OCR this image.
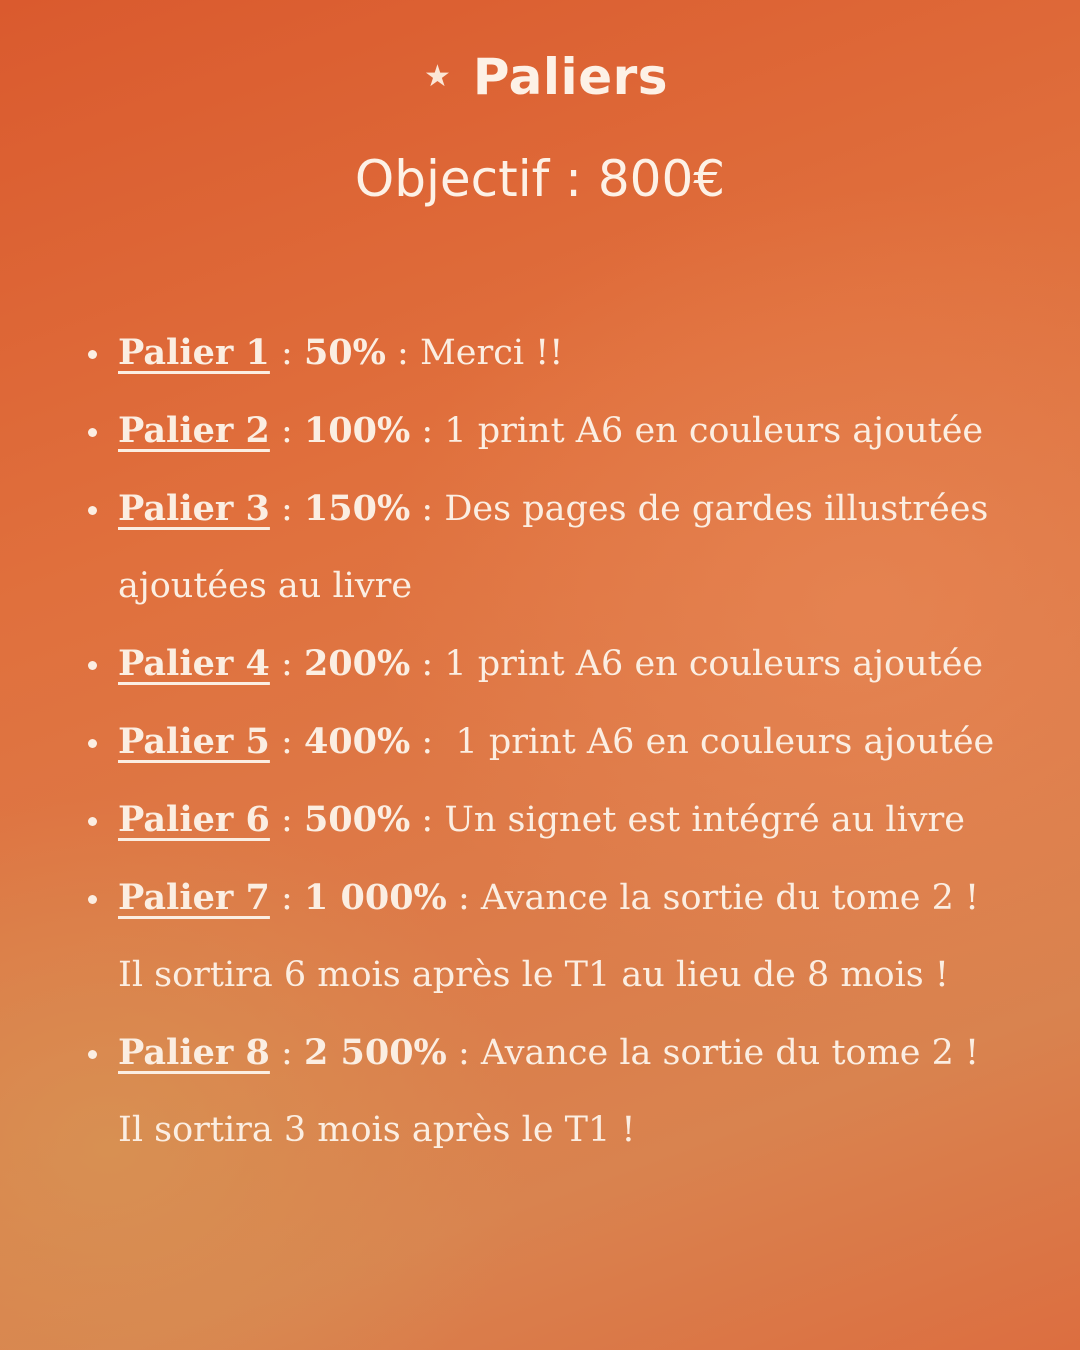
★ Paliers
Objectif : 800€
Palier 1 : 50% : Merci !!
Palier 2 : 100% : 1 print A6 en couleurs ajoutée
Palier 3 : 150% : Des pages de gardes illustrées
ajoutées au livre
Palier 4 : 200% : 1 print A6 en couleurs ajoutée
Palier 5 : 400% :  1 print A6 en couleurs ajoutée
Palier 6 : 500% : Un signet est intégré au livre
Palier 7 : 1 000% : Avance la sortie du tome 2 !
Il sortira 6 mois après le T1 au lieu de 8 mois !
Palier 8 : 2 500% : Avance la sortie du tome 2 !
Il sortira 3 mois après le T1 !
